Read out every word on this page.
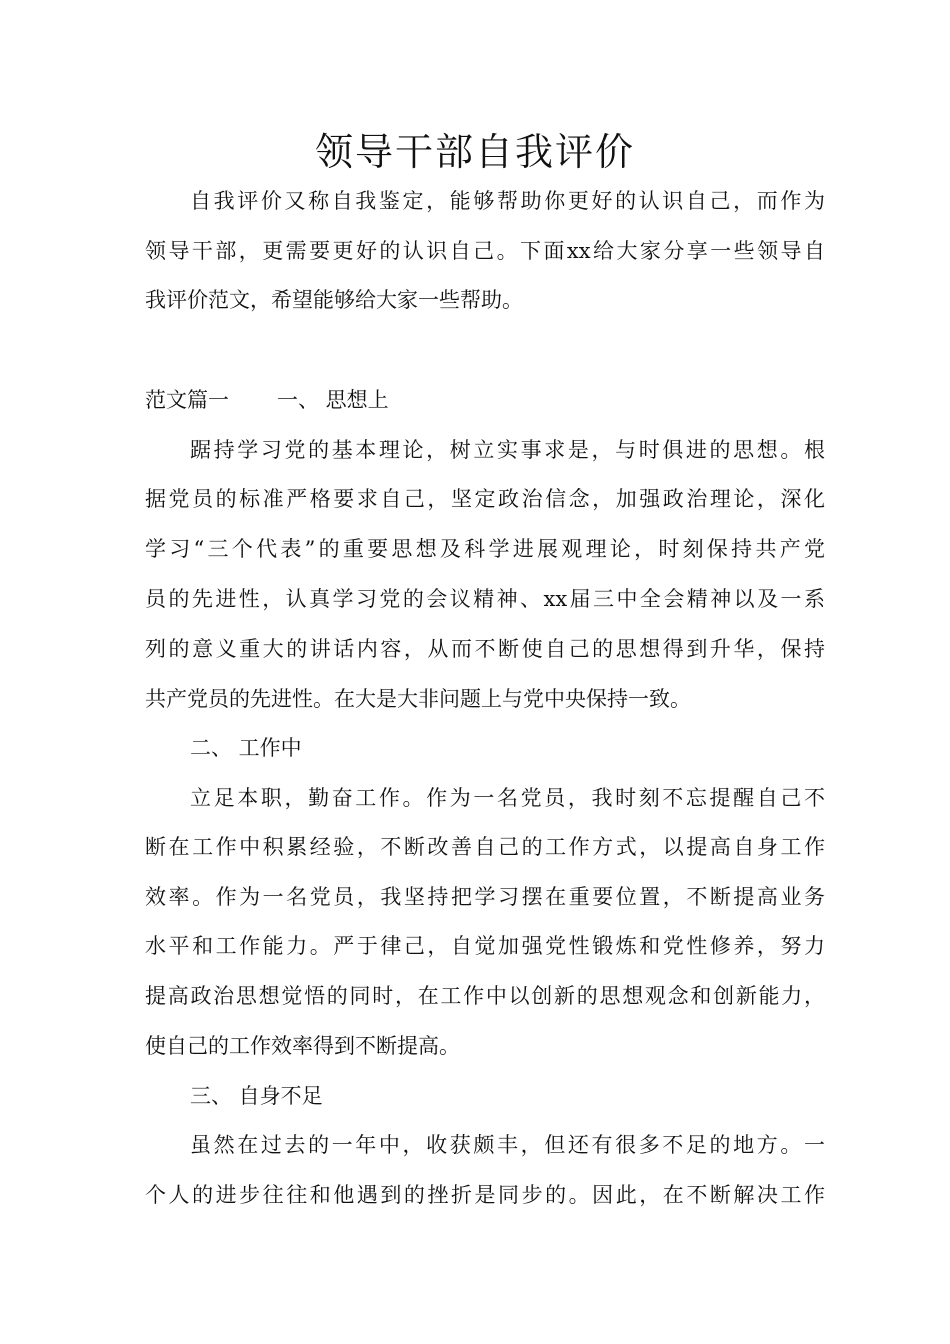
领导干部自我评价
自我评价又称自我鉴定，能够帮助你更好的认识自己，而作为
领导干部，更需要更好的认识自己。下面xx给大家分享一些领导自
我评价范文，希望能够给大家一些帮助。
范文篇一 一、 思想上
踞持学习党的基本理论，树立实事求是，与时俱进的思想。根
据党员的标准严格要求自己，坚定政治信念，加强政治理论，深化
学习“三个代表”的重要思想及科学进展观理论，时刻保持共产党
员的先进性，认真学习党的会议精神、xx届三中全会精神以及一系
列的意义重大的讲话内容，从而不断使自己的思想得到升华，保持
共产党员的先进性。在大是大非问题上与党中央保持一致。
二、 工作中
立足本职，勤奋工作。作为一名党员，我时刻不忘提醒自己不
断在工作中积累经验，不断改善自己的工作方式，以提高自身工作
效率。作为一名党员，我坚持把学习摆在重要位置，不断提高业务
水平和工作能力。严于律己，自觉加强党性锻炼和党性修养，努力
提高政治思想觉悟的同时，在工作中以创新的思想观念和创新能力，
使自己的工作效率得到不断提高。
三、 自身不足
虽然在过去的一年中，收获颇丰，但还有很多不足的地方。一
个人的进步往往和他遇到的挫折是同步的。因此，在不断解决工作
